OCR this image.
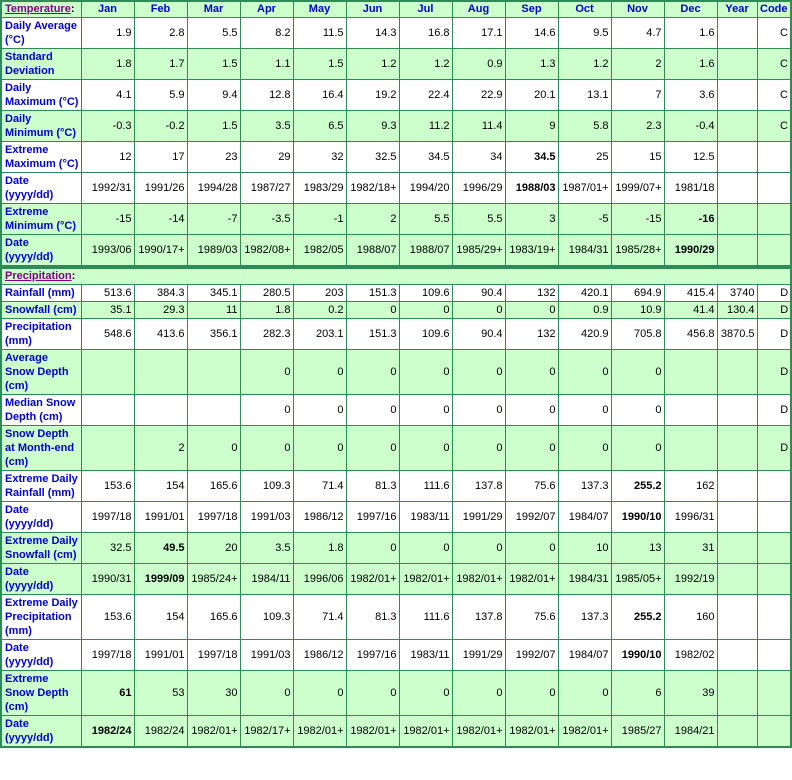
Temperature:	Jan	Feb	Mar	Apr	May	Jun	Jul	Aug	Sep	Oct	Nov	Dec	Year	Code
Daily Average (°C)	1.9	2.8	5.5	8.2	11.5	14.3	16.8	17.1	14.6	9.5	4.7	1.6		C
Standard Deviation	1.8	1.7	1.5	1.1	1.5	1.2	1.2	0.9	1.3	1.2	2	1.6		C
Daily Maximum (°C)	4.1	5.9	9.4	12.8	16.4	19.2	22.4	22.9	20.1	13.1	7	3.6		C
Daily Minimum (°C)	-0.3	-0.2	1.5	3.5	6.5	9.3	11.2	11.4	9	5.8	2.3	-0.4		C
Extreme Maximum (°C)	12	17	23	29	32	32.5	34.5	34	34.5	25	15	12.5		
Date (yyyy/dd)	1992/31	1991/26	1994/28	1987/27	1983/29	1982/18+	1994/20	1996/29	1988/03	1987/01+	1999/07+	1981/18		
Extreme Minimum (°C)	-15	-14	-7	-3.5	-1	2	5.5	5.5	3	-5	-15	-16		
Date (yyyy/dd)	1993/06	1990/17+	1989/03	1982/08+	1982/05	1988/07	1988/07	1985/29+	1983/19+	1984/31	1985/28+	1990/29		
Precipitation:														
Rainfall (mm)	513.6	384.3	345.1	280.5	203	151.3	109.6	90.4	132	420.1	694.9	415.4	3740	D
Snowfall (cm)	35.1	29.3	11	1.8	0.2	0	0	0	0	0.9	10.9	41.4	130.4	D
Precipitation (mm)	548.6	413.6	356.1	282.3	203.1	151.3	109.6	90.4	132	420.9	705.8	456.8	3870.5	D
Average Snow Depth (cm)				0	0	0	0	0	0	0	0			D
Median Snow Depth (cm)				0	0	0	0	0	0	0	0			D
Snow Depth at Month-end (cm)		2	0	0	0	0	0	0	0	0	0			D
Extreme Daily Rainfall (mm)	153.6	154	165.6	109.3	71.4	81.3	111.6	137.8	75.6	137.3	255.2	162		
Date (yyyy/dd)	1997/18	1991/01	1997/18	1991/03	1986/12	1997/16	1983/11	1991/29	1992/07	1984/07	1990/10	1996/31		
Extreme Daily Snowfall (cm)	32.5	49.5	20	3.5	1.8	0	0	0	0	10	13	31		
Date (yyyy/dd)	1990/31	1999/09	1985/24+	1984/11	1996/06	1982/01+	1982/01+	1982/01+	1982/01+	1984/31	1985/05+	1992/19		
Extreme Daily Precipitation (mm)	153.6	154	165.6	109.3	71.4	81.3	111.6	137.8	75.6	137.3	255.2	160		
Date (yyyy/dd)	1997/18	1991/01	1997/18	1991/03	1986/12	1997/16	1983/11	1991/29	1992/07	1984/07	1990/10	1982/02		
Extreme Snow Depth (cm)	61	53	30	0	0	0	0	0	0	0	6	39		
Date (yyyy/dd)	1982/24	1982/24	1982/01+	1982/17+	1982/01+	1982/01+	1982/01+	1982/01+	1982/01+	1982/01+	1985/27	1984/21		
